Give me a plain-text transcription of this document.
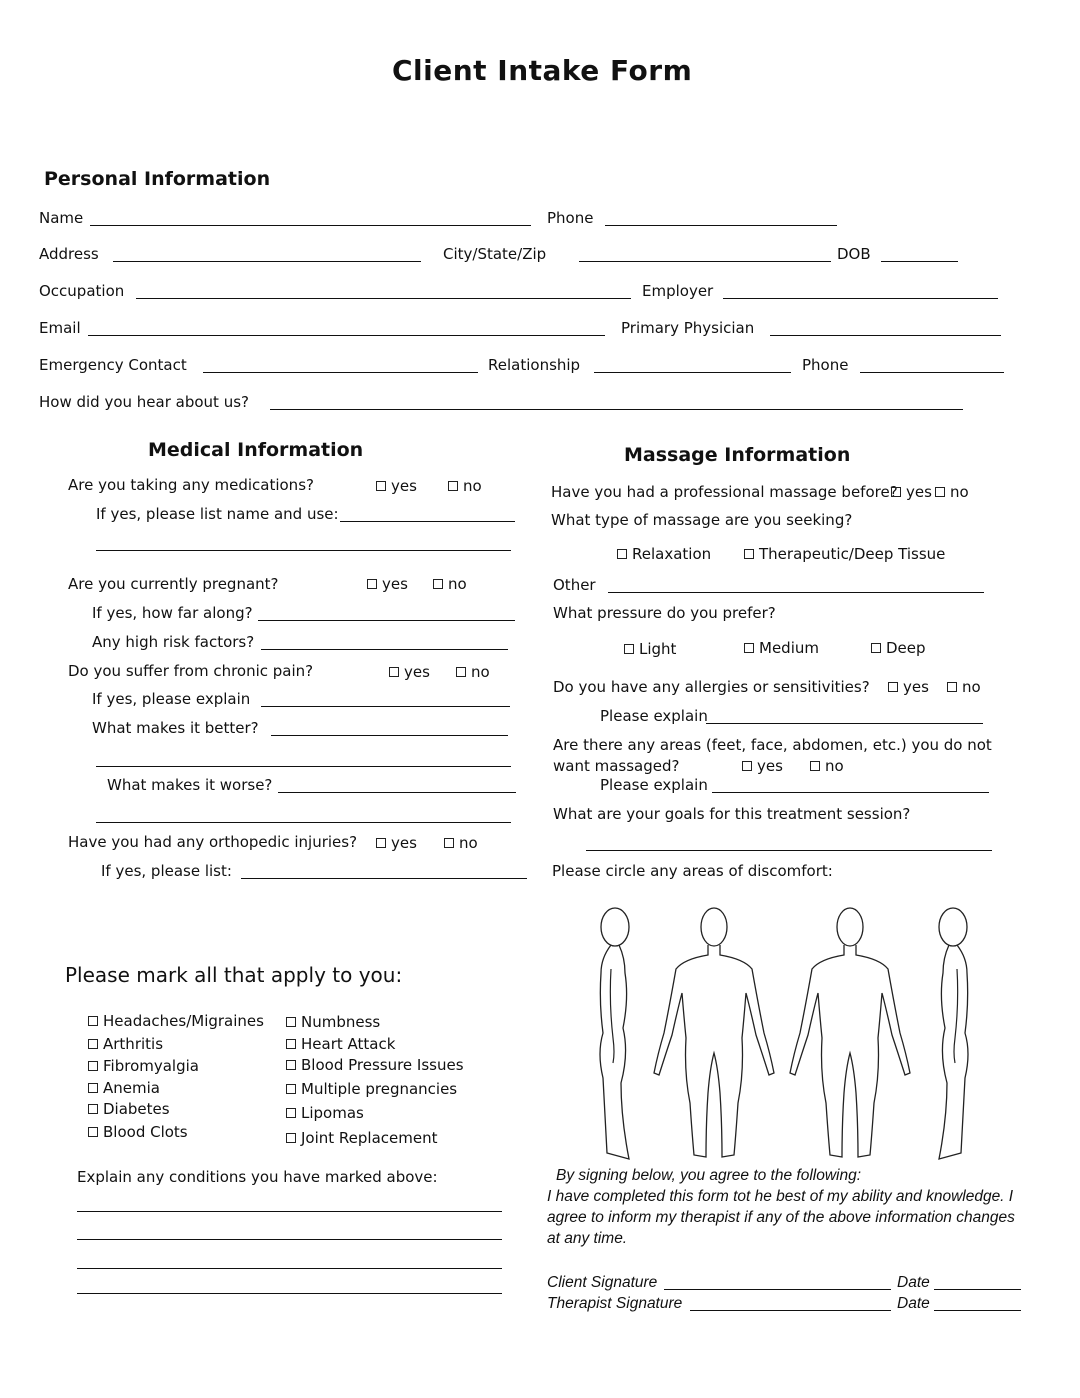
Client Intake Form
Personal Information
Name	Phone
Address	City/State/Zip	DOB
Occupation	Employer
Email	Primary Physician
Emergency Contact	Relationship	Phone
How did you hear about us?
Medical Information
Are you taking any medications?	yes	no
If yes, please list name and use:
Are you currently pregnant?	yes	no
If yes, how far along?
Any high risk factors?
Do you suffer from chronic pain?	yes	no
If yes, please explain
What makes it better?
What makes it worse?
Have you had any orthopedic injuries? yes	no
If yes, please list:
Please mark all that apply to you:
Headaches/Migraines
Arthritis
Fibromyalgia
Anemia
Diabetes
Blood Clots
Numbness
Heart Attack
Blood Pressure Issues
Multiple pregnancies
Lipomas
Joint Replacement
Explain any conditions you have marked above:
Massage Information
Have you had a professional massage before? yes no
What type of massage are you seeking?
Relaxation	Therapeutic/Deep Tissue
Other
What pressure do you prefer?
Light	Medium	Deep
Do you have any allergies or sensitivities? yes no
Please explain
Are there any areas (feet, face, abdomen, etc.) you do not
want massaged?	yes	no
Please explain
What are your goals for this treatment session?
Please circle any areas of discomfort:
By signing below, you agree to the following:
I have completed this form tot he best of my ability and knowledge. I
agree to inform my therapist if any of the above information changes
at any time.
Client Signature	Date
Therapist Signature	Date
